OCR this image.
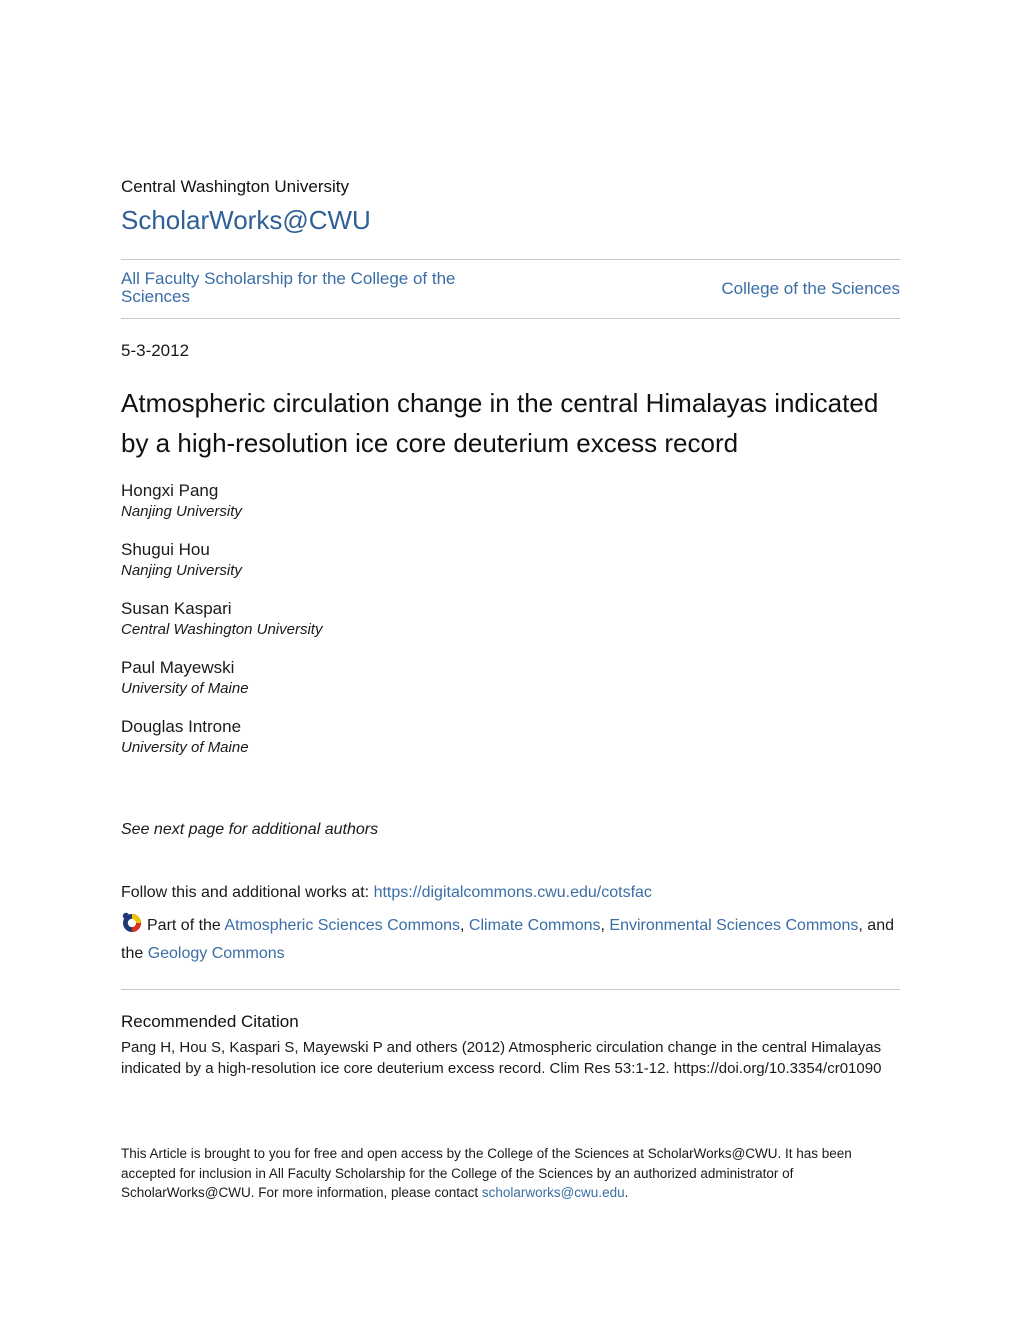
Central Washington University
ScholarWorks@CWU
All Faculty Scholarship for the College of the Sciences	College of the Sciences
5-3-2012
Atmospheric circulation change in the central Himalayas indicated by a high-resolution ice core deuterium excess record
Hongxi Pang
Nanjing University
Shugui Hou
Nanjing University
Susan Kaspari
Central Washington University
Paul Mayewski
University of Maine
Douglas Introne
University of Maine
See next page for additional authors
Follow this and additional works at: https://digitalcommons.cwu.edu/cotsfac
Part of the Atmospheric Sciences Commons, Climate Commons, Environmental Sciences Commons, and the Geology Commons
Recommended Citation
Pang H, Hou S, Kaspari S, Mayewski P and others (2012) Atmospheric circulation change in the central Himalayas indicated by a high-resolution ice core deuterium excess record. Clim Res 53:1-12. https://doi.org/10.3354/cr01090
This Article is brought to you for free and open access by the College of the Sciences at ScholarWorks@CWU. It has been accepted for inclusion in All Faculty Scholarship for the College of the Sciences by an authorized administrator of ScholarWorks@CWU. For more information, please contact scholarworks@cwu.edu.
